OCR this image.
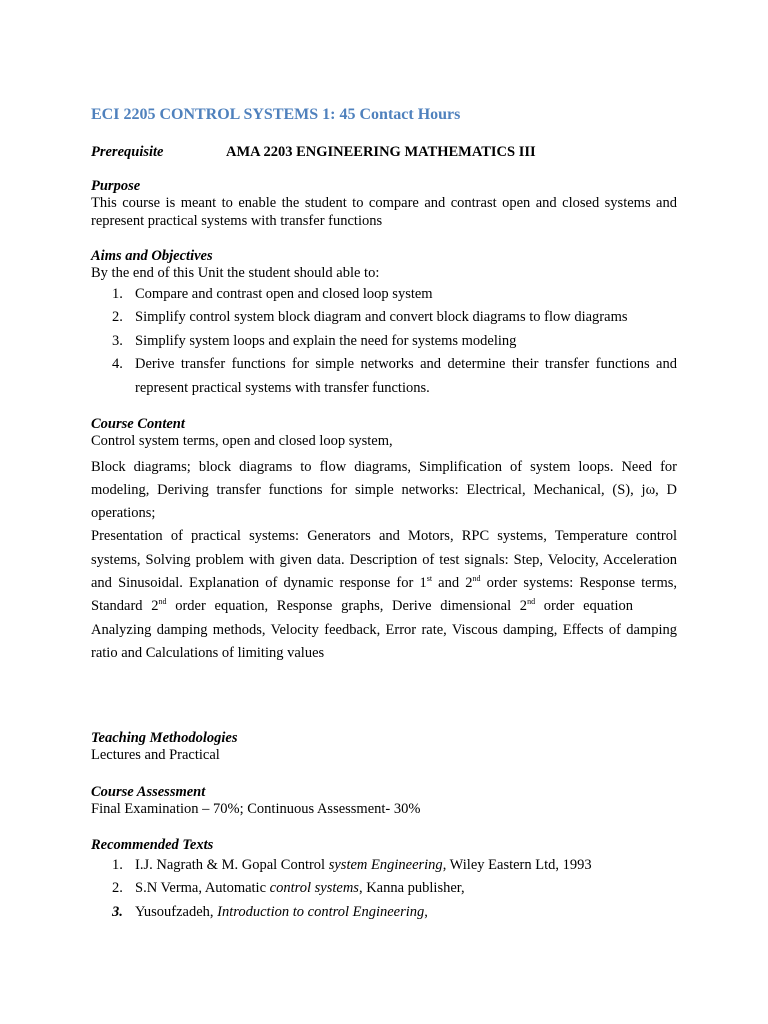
ECI 2205 CONTROL SYSTEMS 1: 45 Contact Hours
Prerequisite	AMA 2203 ENGINEERING MATHEMATICS III
Purpose
This course is meant to enable the student to compare and contrast open and closed systems and represent practical systems with transfer functions
Aims and Objectives
By the end of this Unit the student should able to:
1. Compare and contrast open and closed loop system
2. Simplify control system block diagram and convert block diagrams to flow diagrams
3. Simplify system loops and explain the need for systems modeling
4. Derive transfer functions for simple networks and determine their transfer functions and represent practical systems with transfer functions.
Course Content

Control system terms, open and closed loop system,

Block diagrams; block diagrams to flow diagrams, Simplification of system loops. Need for modeling, Deriving transfer functions for simple networks: Electrical, Mechanical, (S), jω, D operations;

Presentation of practical systems: Generators and Motors, RPC systems, Temperature control systems, Solving problem with given data. Description of test signals: Step, Velocity, Acceleration and Sinusoidal. Explanation of dynamic response for 1st and 2nd order systems: Response terms, Standard 2nd order equation, Response graphs, Derive dimensional 2nd order equationAnalyzing damping methods, Velocity feedback, Error rate, Viscous damping, Effects of damping ratio and Calculations of limiting values

Teaching Methodologies
Lectures and Practical
Course Assessment
Final Examination – 70%; Continuous Assessment- 30%
Recommended Texts
1. I.J. Nagrath & M. Gopal Control system Engineering, Wiley Eastern Ltd, 1993
2. S.N Verma, Automatic control systems, Kanna publisher,
3. Yusoufzadeh, Introduction to control Engineering,
